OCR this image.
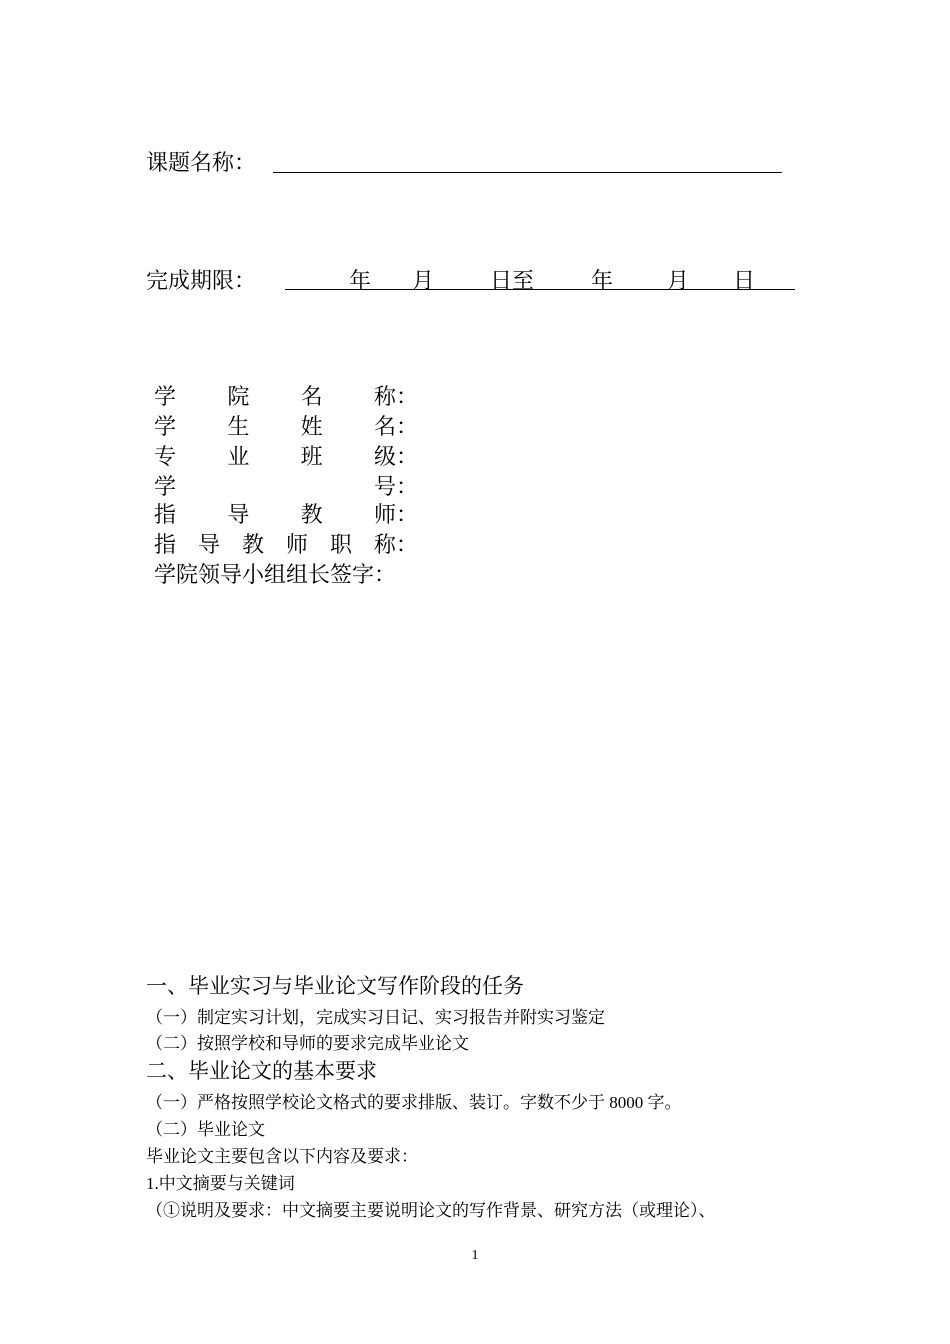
课题名称：
完成期限：	年 月	日至	年 月 日
学 院 名 称：
学 生 姓 名：
专 业 班 级：
学	号：
指 导 教 师：
指 导 教 师 职 称：
学院领导小组组长签字：
一、毕业实习与毕业论文写作阶段的任务
（一）制定实习计划，完成实习日记、实习报告并附实习鉴定
（二）按照学校和导师的要求完成毕业论文
二、毕业论文的基本要求
（一）严格按照学校论文格式的要求排版、装订。字数不少于 8000 字。
（二）毕业论文
毕业论文主要包含以下内容及要求：
1.中文摘要与关键词
（①说明及要求：中文摘要主要说明论文的写作背景、研究方法（或理论）、
1
